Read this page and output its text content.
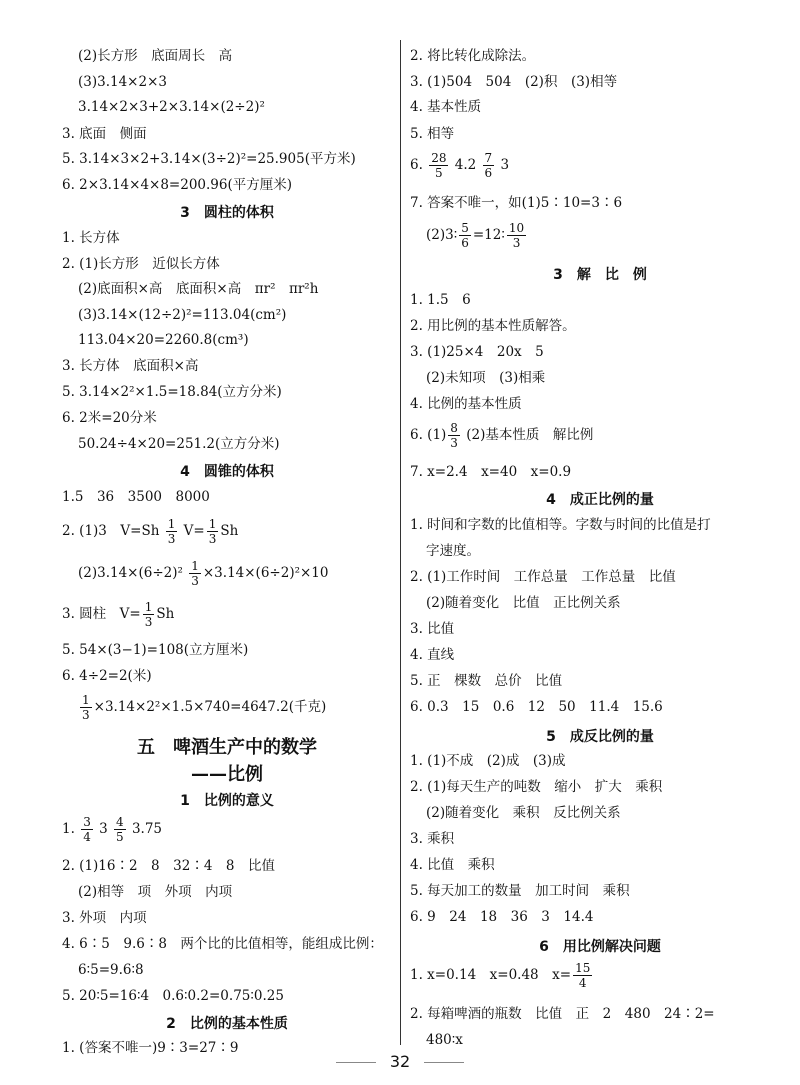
(2)长方形　底面周长　高
(3)3.14×2×3
3.14×2×3+2×3.14×(2÷2)²
3. 底面　侧面
5. 3.14×3×2+3.14×(3÷2)²=25.905(平方米)
6. 2×3.14×4×8=200.96(平方厘米)
3　圆柱的体积
1. 长方体
2. (1)长方形　近似长方体
(2)底面积×高　底面积×高　πr²　πr²h
(3)3.14×(12÷2)²=113.04(cm²)
113.04×20=2260.8(cm³)
3. 长方体　底面积×高
5. 3.14×2²×1.5=18.84(立方分米)
6. 2米=20分米
50.24÷4×20=251.2(立方分米)
4　圆锥的体积
1.5　36　3500　8000
2. (1)3　$V=Sh \frac{1}{3} V= \frac{1}{3}$ Sh
$(2)3.14\times(6\div 2)^2 \frac{1}{3} \times 3.14\times(6\div 2)^2\times 10$
3. 圆柱　$V= \frac{1}{3}$ Sh
5. 54×(3−1)=108(立方厘米)
6. 4÷2=2(米)
$\frac{1}{3} \times 3.14\times 2^2\times 1.5\times 740=4647.2$(千克)
五　啤酒生产中的数学
——比例
1　比例的意义
1. $\frac{3}{4} 3 \frac{4}{5} 3.75$
2. (1)16∶2　8　32∶4　8　比值
(2)相等　项　外项　内项
3. 外项　内项
4. 6∶5　9.6∶8　两个比的比值相等，能组成比例：
6∶5=9.6∶8
5. 20∶5=16∶4　0.6∶0.2=0.75∶0.25
2　比例的基本性质
1. (答案不唯一)9∶3=27∶9
2. 将比转化成除法。
3. (1)504　504　(2)积　(3)相等
4. 基本性质
5. 相等
6. $\frac{28}{5} 4.2 \frac{7}{6} 3$
7. 答案不唯一，如(1)5∶10=3∶6
(2)3∶ $\frac{5}{6}$ =12∶ $\frac{10}{3}$
3　解　比　例
1. 1.5　6
2. 用比例的基本性质解答。
3. (1)25×4　20x　5
(2)未知项　(3)相乘
4. 比例的基本性质
6. $(1) \frac{8}{3} (2)$基本性质　解比例
7. x=2.4　x=40　x=0.9
4　成正比例的量
1. 时间和字数的比值相等。字数与时间的比值是打
字速度。
2. (1)工作时间　工作总量　工作总量　比值
(2)随着变化　比值　正比例关系
3. 比值
4. 直线
5. 正　棵数　总价　比值
6. 0.3　15　0.6　12　50　11.4　15.6
5　成反比例的量
1. (1)不成　(2)成　(3)成
2. (1)每天生产的吨数　缩小　扩大　乘积
(2)随着变化　乘积　反比例关系
3. 乘积
4. 比值　乘积
5. 每天加工的数量　加工时间　乘积
6. 9　24　18　36　3　14.4
6　用比例解决问题
1. x=0.14　x=0.48　$x= \frac{15}{4}$
2. 每箱啤酒的瓶数　比值　正　2　480　24∶2=
480∶x
32
